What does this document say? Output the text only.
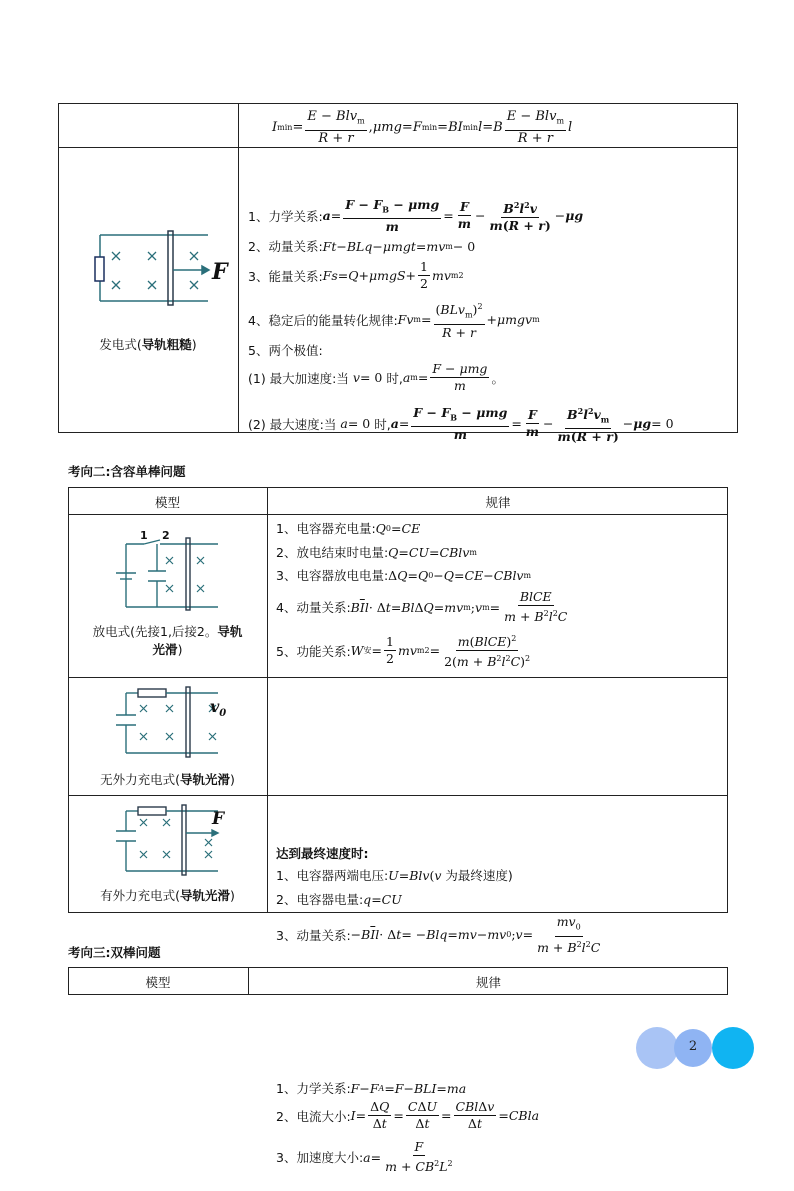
I $\min = \frac{E - Blv_m}{R + r}$ , μmg = F min = BI min l = B $\frac{E - Blv_m}{R + r}$ l
F
发电式(导轨粗糙)
1、力学关系: $a = \frac{F - F_B - \mu mg}{m} = \frac{F}{m} - \frac{B^2l^2v}{m(R + r)} - \mu g$
2、动量关系: Ft − BLq − μmgt = mv m − 0
3、能量关系: $Fs = Q + \mu mgS + \frac{1}{2}$ mv m 2
4、稳定后的能量转化规律: Fv $m = \frac{(BLv_m)^2}{R + r} + \mu mgv$ m
5、两个极值:
(1) 最大加速度:当
v = 0 时, a $m = \frac{\text{F − μmg}}{m}$ 。
(2) 最大速度:当
a = 0 时, $a = \frac{F - F_B - \mu mg}{m} = \frac{F}{m} - \frac{B^2l^2v_m}{m(R + r)} - \mu g = 0$
考向二:含容单棒问题
模型	规律
1 2
放电式(先接1,后接2。导轨
光滑)
1、电容器充电量: Q 0 = CE
2、放电结束时电量: Q = CU = CBlv m
3、电容器放电电量: Δ Q = Q 0 − Q = CE − CBlv m
4、动量关系: B $\overline{I}$ l · Δ t = Bl Δ Q = mv m ; v $m = \frac{\text{BlCE}}{m + B^2l^2C}$
5、功能关系: W 安 = $\frac{1}{2}$ mv m $2 = \frac{m(BlCE)^2}{2(m + B^2l^2C)^2}$
$v_0$
无外力充电式(导轨光滑)
达到最终速度时:
1、电容器两端电压: U = Blv ( v
为最终速度)
2、电容器电量: q = CU
3、动量关系: − B $\overline{I}$ l · Δ t = − Blq = mv − mv 0 ; $v = \frac{mv_0}{m + B^2l^2C}$
F
有外力充电式(导轨光滑)
1、力学关系: F − F A = F − BLI = ma
2、电流大小: $I = \frac{\Delta Q}{\Delta t} = \frac{\text{CΔU}}{\Delta t} = \frac{\text{CBlΔv}}{\Delta t}$ = CBla
3、加速度大小: $a = \frac{F}{m + CB^2L^2}$
考向三:双棒问题
模型	规律
2
